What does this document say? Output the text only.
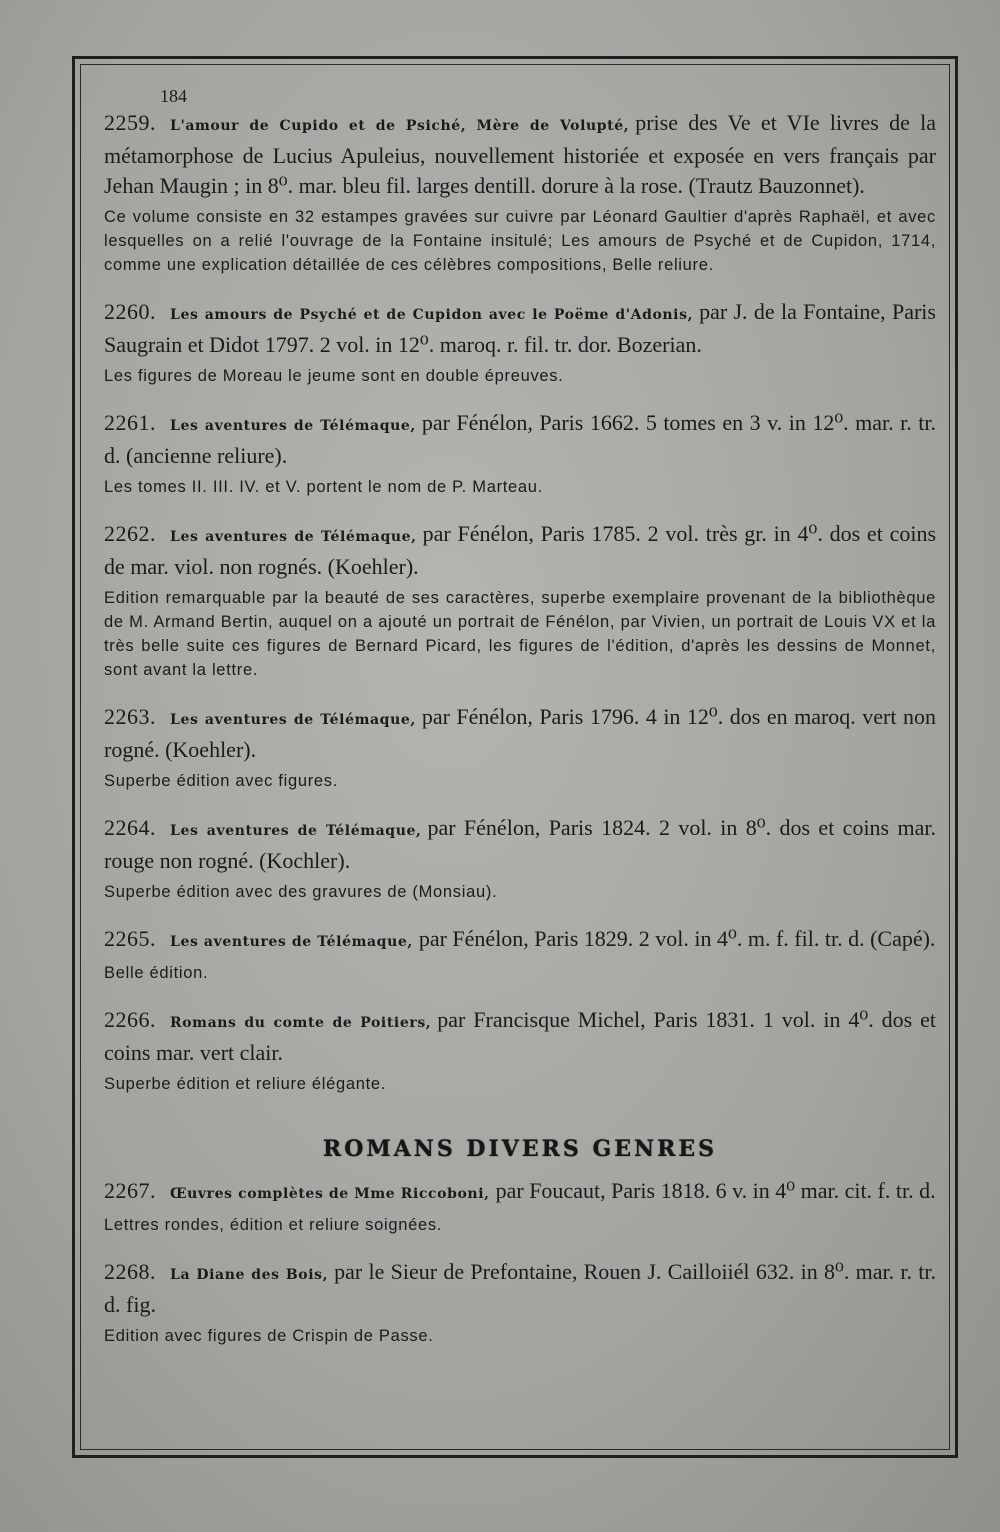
184

2259. L'amour de Cupido et de Psiché, Mère de Volupté, prise des Ve et VIe livres de la métamorphose de Lucius Apuleius, nouvellement historiée et exposée en vers français par Jehan Maugin ; in 8⁰. mar. bleu fil. larges dentill. dorure à la rose. (Trautz Bauzonnet).

Ce volume consiste en 32 estampes gravées sur cuivre par Léonard Gaultier d'après Raphaël, et avec lesquelles on a relié l'ouvrage de la Fontaine insitulé; Les amours de Psyché et de Cupidon, 1714, comme une explication détaillée de ces célèbres compositions, Belle reliure.

2260. Les amours de Psyché et de Cupidon avec le Poëme d'Adonis, par J. de la Fontaine, Paris Saugrain et Didot 1797. 2 vol. in 12⁰. maroq. r. fil. tr. dor. Bozerian.

Les figures de Moreau le jeume sont en double épreuves.

2261. Les aventures de Télémaque, par Fénélon, Paris 1662. 5 tomes en 3 v. in 12⁰. mar. r. tr. d. (ancienne reliure).

Les tomes II. III. IV. et V. portent le nom de P. Marteau.

2262. Les aventures de Télémaque, par Fénélon, Paris 1785. 2 vol. très gr. in 4⁰. dos et coins de mar. viol. non rognés. (Koehler).

Edition remarquable par la beauté de ses caractères, superbe exemplaire provenant de la bibliothèque de M. Armand Bertin, auquel on a ajouté un portrait de Fénélon, par Vivien, un portrait de Louis VX et la très belle suite ces figures de Bernard Picard, les figures de l'édition, d'après les dessins de Monnet, sont avant la lettre.

2263. Les aventures de Télémaque, par Fénélon, Paris 1796. 4 in 12⁰. dos en maroq. vert non rogné. (Koehler).

Superbe édition avec figures.

2264. Les aventures de Télémaque, par Fénélon, Paris 1824. 2 vol. in 8⁰. dos et coins mar. rouge non rogné. (Kochler).

Superbe édition avec des gravures de (Monsiau).

2265. Les aventures de Télémaque, par Fénélon, Paris 1829. 2 vol. in 4⁰. m. f. fil. tr. d. (Capé).

Belle édition.

2266. Romans du comte de Poitiers, par Francisque Michel, Paris 1831. 1 vol. in 4⁰. dos et coins mar. vert clair.

Superbe édition et reliure élégante.

ROMANS DIVERS GENRES

2267. Œuvres complètes de Mme Riccoboni, par Foucaut, Paris 1818. 6 v. in 4⁰ mar. cit. f. tr. d.

Lettres rondes, édition et reliure soignées.

2268. La Diane des Bois, par le Sieur de Prefontaine, Rouen J. Cailloiiél 632. in 8⁰. mar. r. tr. d. fig.

Edition avec figures de Crispin de Passe.
